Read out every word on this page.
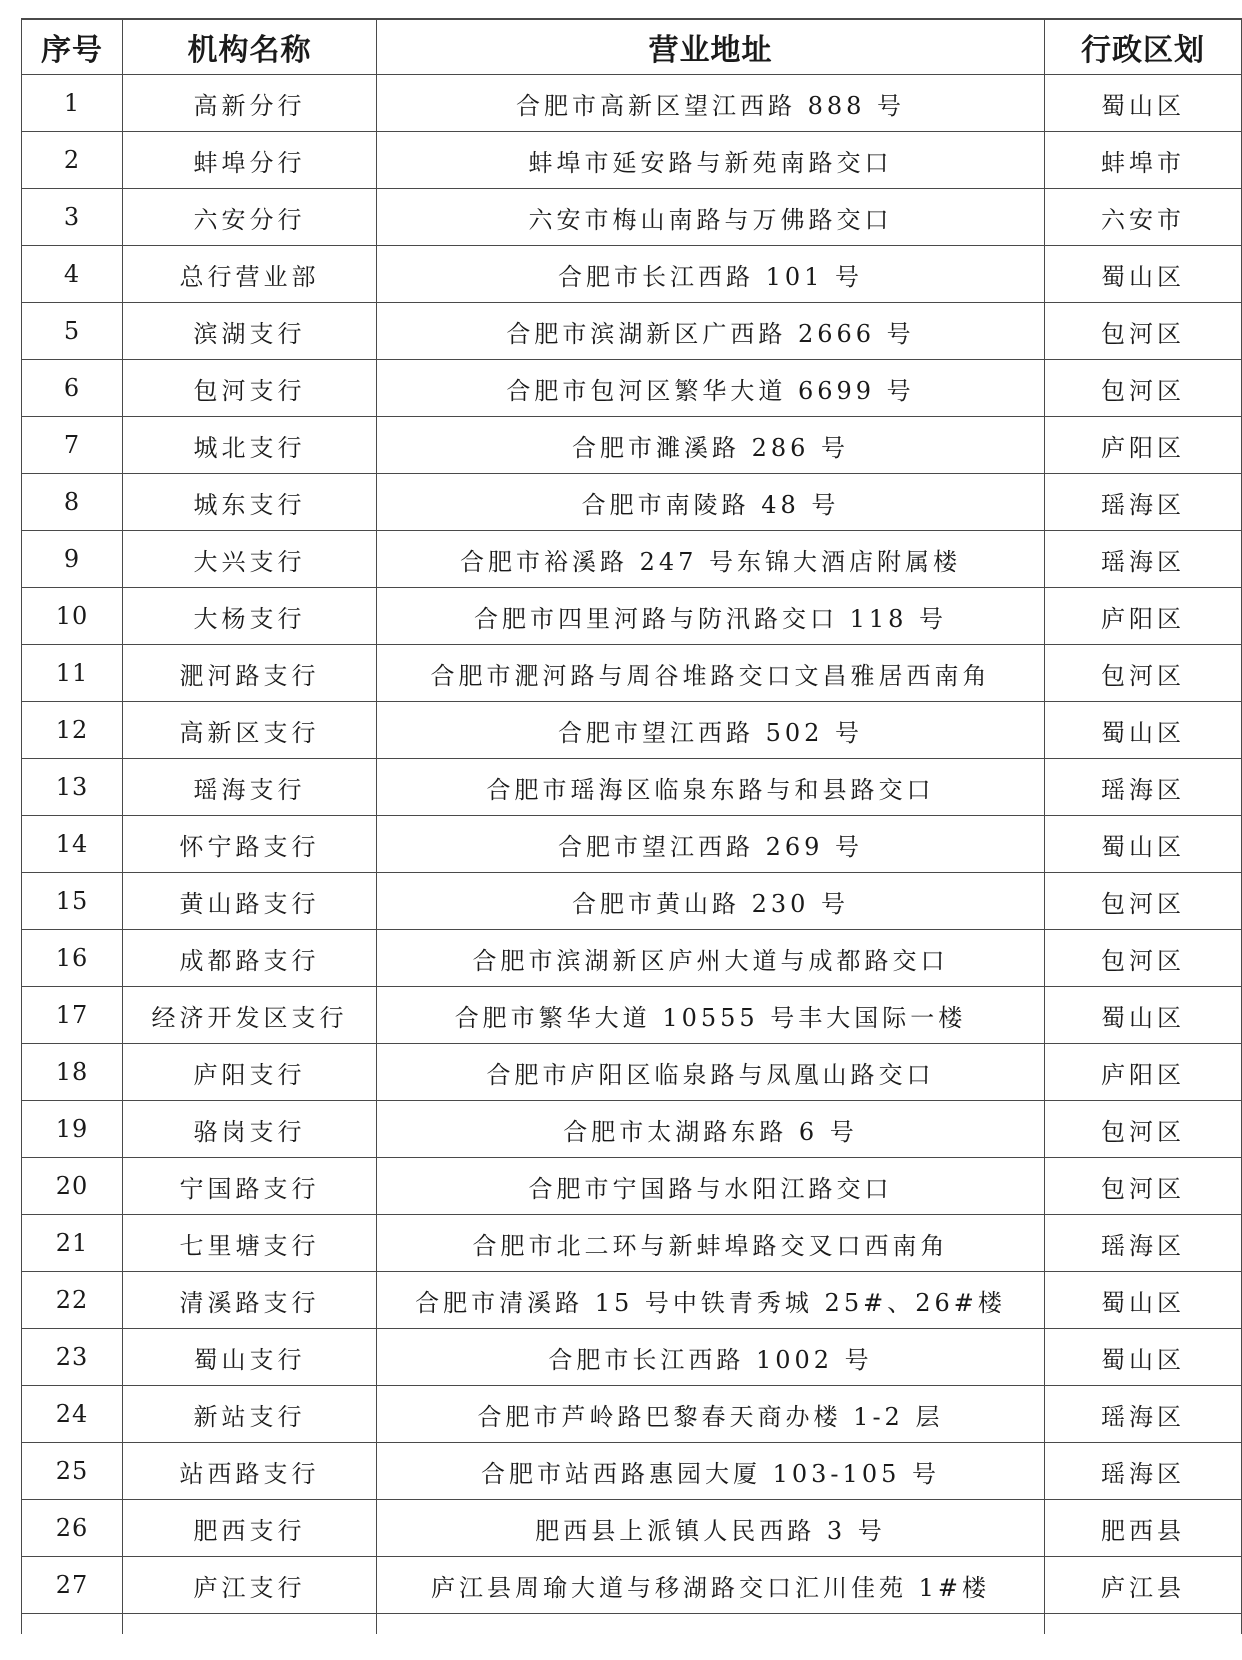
序号	机构名称	营业地址	行政区划	
1	高新分行	合肥市高新区望江西路 888 号	蜀山区	
2	蚌埠分行	蚌埠市延安路与新苑南路交口	蚌埠市	
3	六安分行	六安市梅山南路与万佛路交口	六安市	
4	总行营业部	合肥市长江西路 101 号	蜀山区	
5	滨湖支行	合肥市滨湖新区广西路 2666 号	包河区	
6	包河支行	合肥市包河区繁华大道 6699 号	包河区	
7	城北支行	合肥市濉溪路 286 号	庐阳区	
8	城东支行	合肥市南陵路 48 号	瑶海区	
9	大兴支行	合肥市裕溪路 247 号东锦大酒店附属楼	瑶海区	
10	大杨支行	合肥市四里河路与防汛路交口 118 号	庐阳区	
11	淝河路支行	合肥市淝河路与周谷堆路交口文昌雅居西南角	包河区	
12	高新区支行	合肥市望江西路 502 号	蜀山区	
13	瑶海支行	合肥市瑶海区临泉东路与和县路交口	瑶海区	
14	怀宁路支行	合肥市望江西路 269 号	蜀山区	
15	黄山路支行	合肥市黄山路 230 号	包河区	
16	成都路支行	合肥市滨湖新区庐州大道与成都路交口	包河区	
17	经济开发区支行	合肥市繁华大道 10555 号丰大国际一楼	蜀山区	
18	庐阳支行	合肥市庐阳区临泉路与凤凰山路交口	庐阳区	
19	骆岗支行	合肥市太湖路东路 6 号	包河区	
20	宁国路支行	合肥市宁国路与水阳江路交口	包河区	
21	七里塘支行	合肥市北二环与新蚌埠路交叉口西南角	瑶海区	
22	清溪路支行	合肥市清溪路 15 号中铁青秀城 25#、26#楼	蜀山区	
23	蜀山支行	合肥市长江西路 1002 号	蜀山区	
24	新站支行	合肥市芦岭路巴黎春天商办楼 1-2 层	瑶海区	
25	站西路支行	合肥市站西路惠园大厦 103-105 号	瑶海区	
26	肥西支行	肥西县上派镇人民西路 3 号	肥西县	
27	庐江支行	庐江县周瑜大道与移湖路交口汇川佳苑 1#楼	庐江县	
